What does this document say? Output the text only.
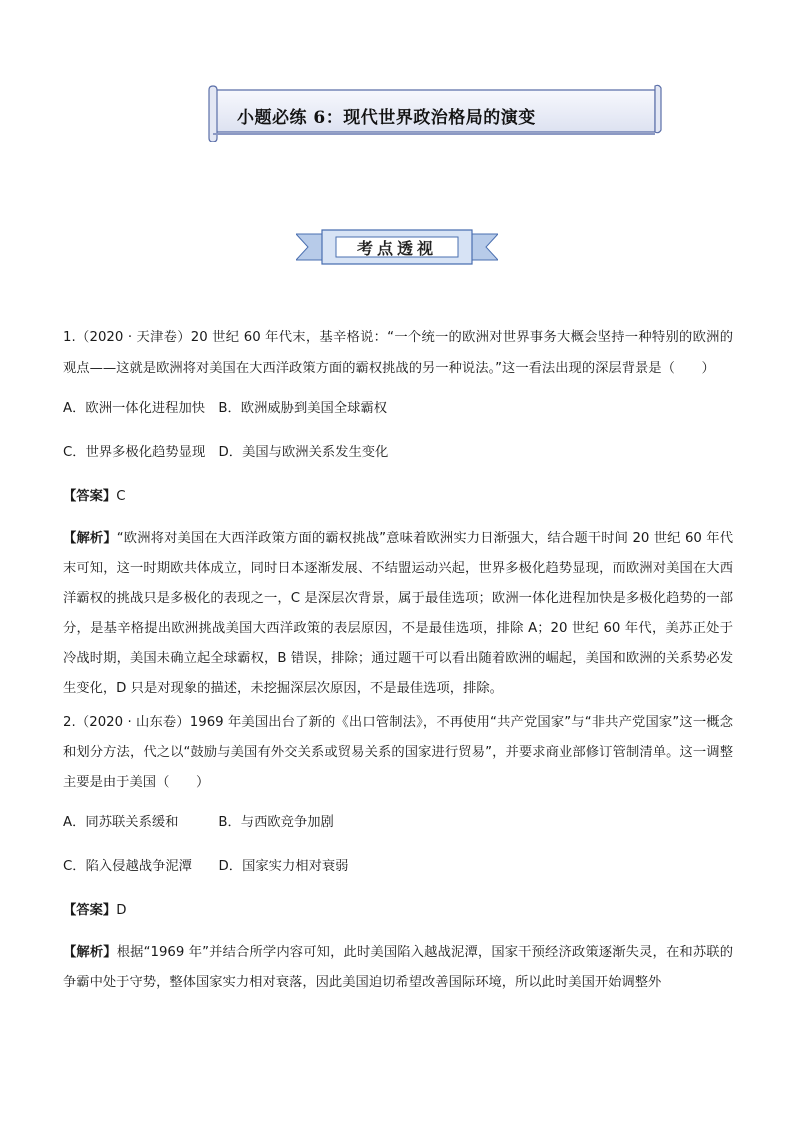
小题必练 6：现代世界政治格局的演变
考点透视

1.（2020 · 天津卷）20 世纪 60 年代末，基辛格说：“一个统一的欧洲对世界事务大概会坚持一种特别的欧洲的观点——这就是欧洲将对美国在大西洋政策方面的霸权挑战的另一种说法。”这一看法出现的深层背景是（　　）

A．欧洲一体化进程加快　B．欧洲威胁到美国全球霸权

C．世界多极化趋势显现　D．美国与欧洲关系发生变化

【答案】C

【解析】“欧洲将对美国在大西洋政策方面的霸权挑战”意味着欧洲实力日渐强大，结合题干时间 20 世纪 60 年代末可知，这一时期欧共体成立，同时日本逐渐发展、不结盟运动兴起，世界多极化趋势显现，而欧洲对美国在大西洋霸权的挑战只是多极化的表现之一，C 是深层次背景，属于最佳选项；欧洲一体化进程加快是多极化趋势的一部分，是基辛格提出欧洲挑战美国大西洋政策的表层原因，不是最佳选项，排除 A；20 世纪 60 年代，美苏正处于冷战时期，美国未确立起全球霸权，B 错误，排除；通过题干可以看出随着欧洲的崛起，美国和欧洲的关系势必发生变化，D 只是对现象的描述，未挖掘深层次原因，不是最佳选项，排除。

2.（2020 · 山东卷）1969 年美国出台了新的《出口管制法》，不再使用“共产党国家”与“非共产党国家”这一概念和划分方法，代之以“鼓励与美国有外交关系或贸易关系的国家进行贸易”，并要求商业部修订管制清单。这一调整主要是由于美国（　　）

A．同苏联关系缓和　　　B．与西欧竞争加剧

C．陷入侵越战争泥潭　　D．国家实力相对衰弱

【答案】D

【解析】根据“1969 年”并结合所学内容可知，此时美国陷入越战泥潭，国家干预经济政策逐渐失灵，在和苏联的争霸中处于守势，整体国家实力相对衰落，因此美国迫切希望改善国际环境，所以此时美国开始调整外
